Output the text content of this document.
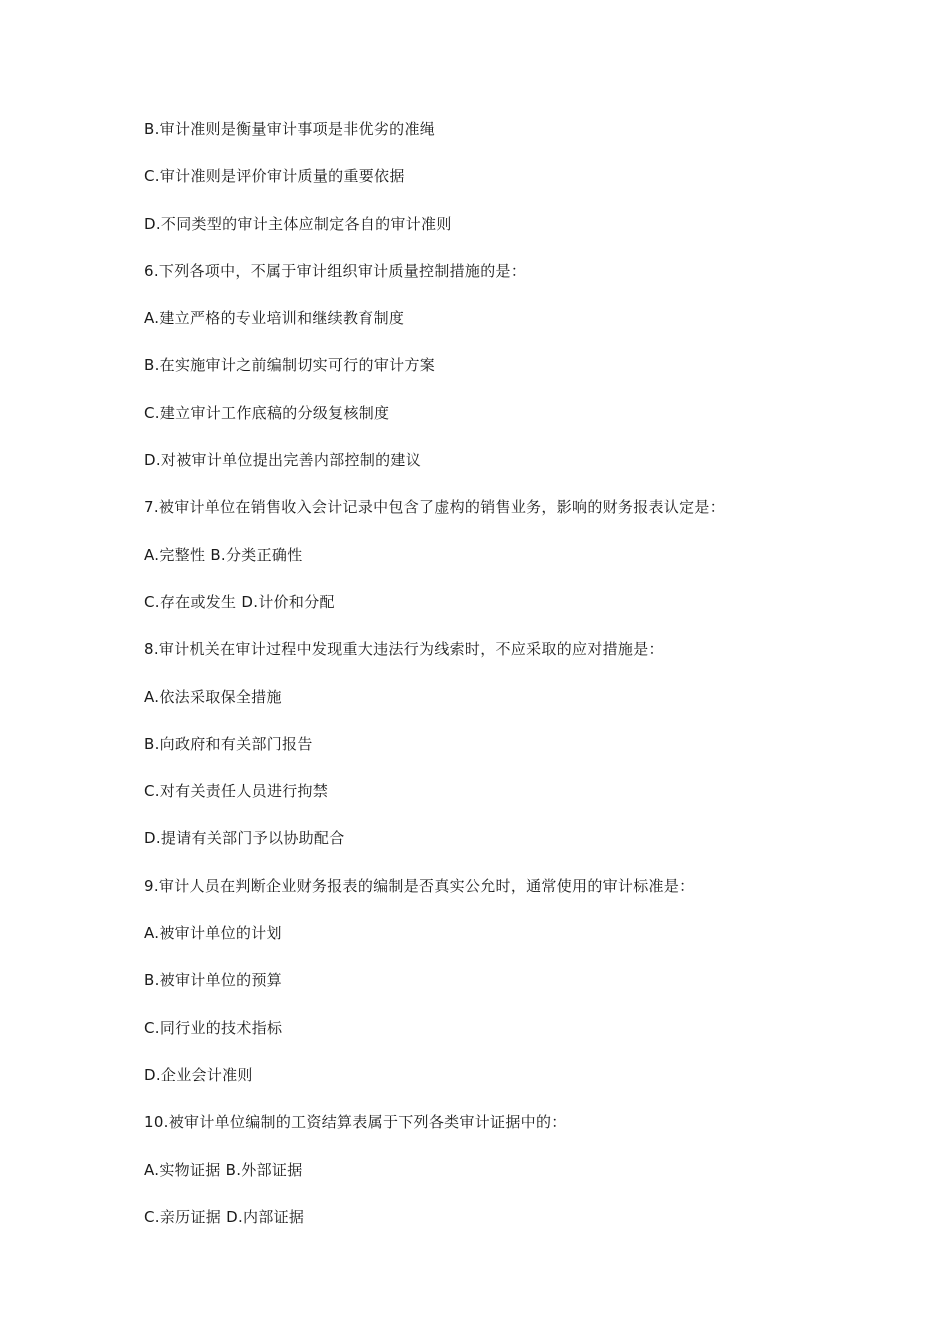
B.审计准则是衡量审计事项是非优劣的准绳
C.审计准则是评价审计质量的重要依据
D.不同类型的审计主体应制定各自的审计准则
6.下列各项中，不属于审计组织审计质量控制措施的是：
A.建立严格的专业培训和继续教育制度
B.在实施审计之前编制切实可行的审计方案
C.建立审计工作底稿的分级复核制度
D.对被审计单位提出完善内部控制的建议
7.被审计单位在销售收入会计记录中包含了虚构的销售业务，影响的财务报表认定是：
A.完整性 B.分类正确性
C.存在或发生 D.计价和分配
8.审计机关在审计过程中发现重大违法行为线索时，不应采取的应对措施是：
A.依法采取保全措施
B.向政府和有关部门报告
C.对有关责任人员进行拘禁
D.提请有关部门予以协助配合
9.审计人员在判断企业财务报表的编制是否真实公允时，通常使用的审计标准是：
A.被审计单位的计划
B.被审计单位的预算
C.同行业的技术指标
D.企业会计准则
10.被审计单位编制的工资结算表属于下列各类审计证据中的：
A.实物证据 B.外部证据
C.亲历证据 D.内部证据
